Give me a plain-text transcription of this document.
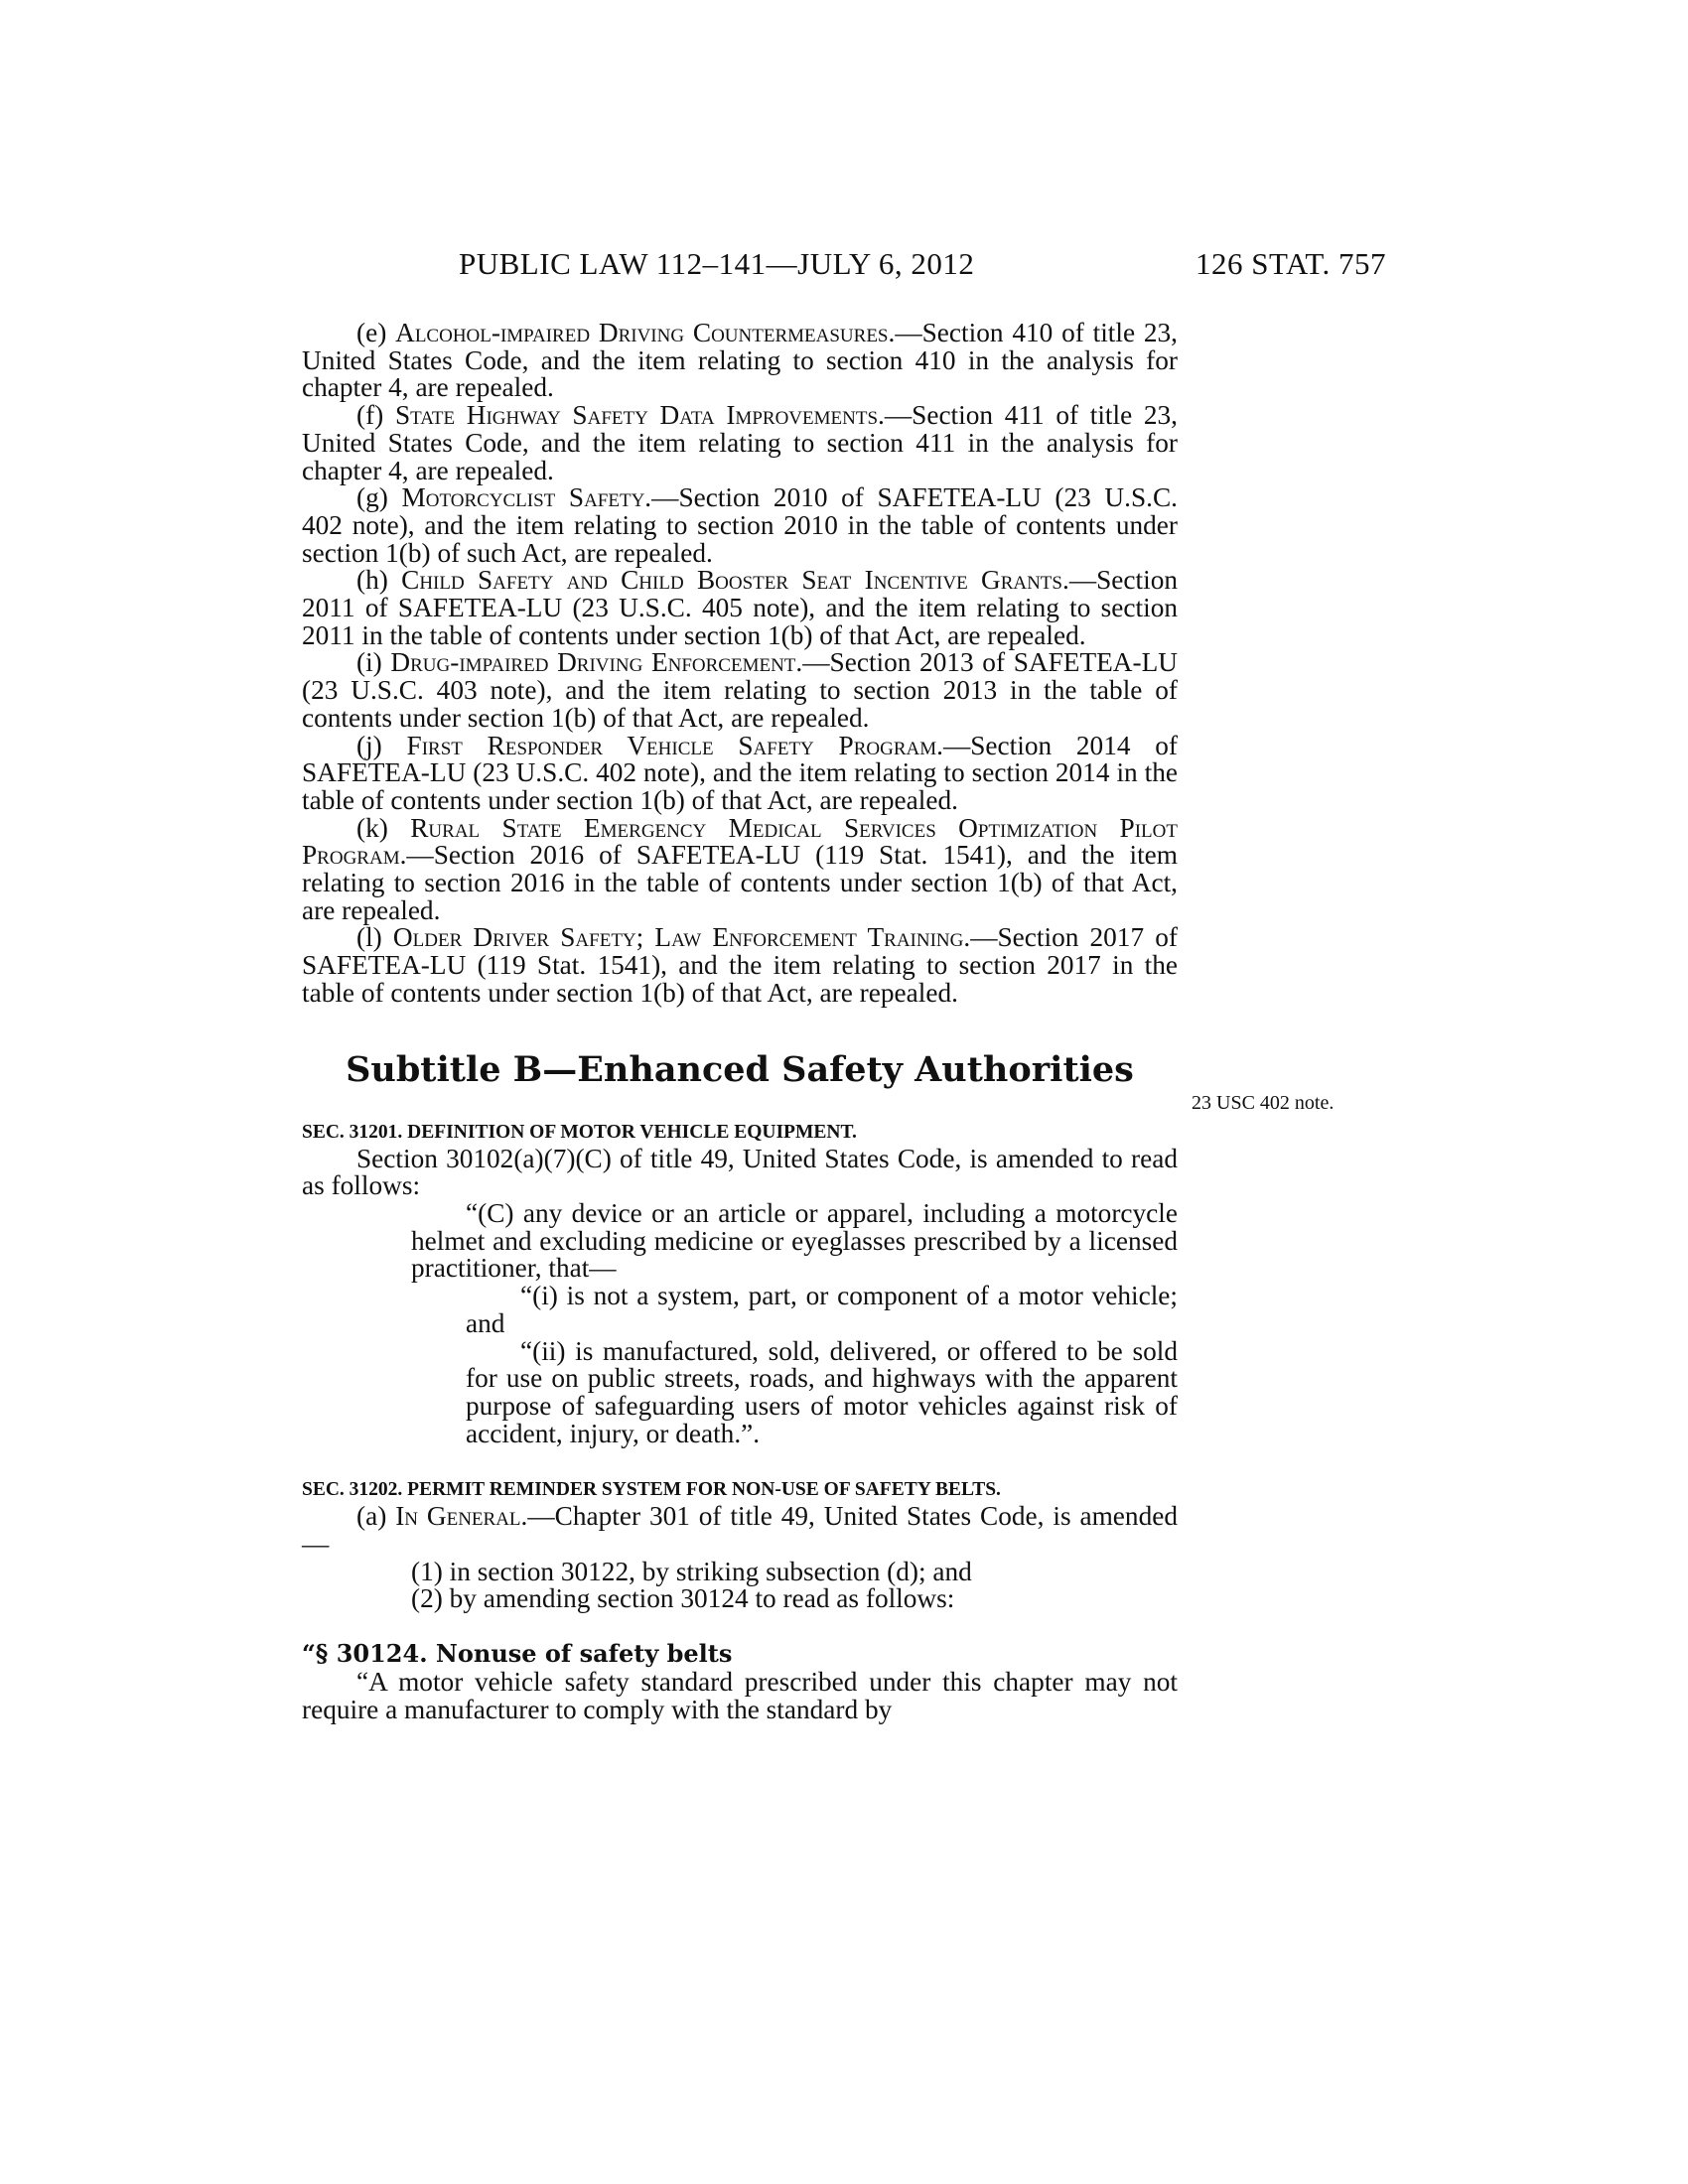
PUBLIC LAW 112–141—JULY 6, 2012	126 STAT. 757

(e) Alcohol-impaired Driving Countermeasures.—Section 410 of title 23, United States Code, and the item relating to section 410 in the analysis for chapter 4, are repealed.

(f) State Highway Safety Data Improvements.—Section 411 of title 23, United States Code, and the item relating to section 411 in the analysis for chapter 4, are repealed.

(g) Motorcyclist Safety.—Section 2010 of SAFETEA-LU (23 U.S.C. 402 note), and the item relating to section 2010 in the table of contents under section 1(b) of such Act, are repealed.

(h) Child Safety and Child Booster Seat Incentive Grants.—Section 2011 of SAFETEA-LU (23 U.S.C. 405 note), and the item relating to section 2011 in the table of contents under section 1(b) of that Act, are repealed.

(i) Drug-impaired Driving Enforcement.—Section 2013 of SAFETEA-LU (23 U.S.C. 403 note), and the item relating to section 2013 in the table of contents under section 1(b) of that Act, are repealed.

(j) First Responder Vehicle Safety Program.—Section 2014 of SAFETEA-LU (23 U.S.C. 402 note), and the item relating to section 2014 in the table of contents under section 1(b) of that Act, are repealed.

(k) Rural State Emergency Medical Services Optimization Pilot Program.—Section 2016 of SAFETEA-LU (119 Stat. 1541), and the item relating to section 2016 in the table of contents under section 1(b) of that Act, are repealed.

(l) Older Driver Safety; Law Enforcement Training.—Section 2017 of SAFETEA-LU (119 Stat. 1541), and the item relating to section 2017 in the table of contents under section 1(b) of that Act, are repealed.

Subtitle B—Enhanced Safety Authorities
SEC. 31201. DEFINITION OF MOTOR VEHICLE EQUIPMENT.

Section 30102(a)(7)(C) of title 49, United States Code, is amended to read as follows:

“(C) any device or an article or apparel, including a motorcycle helmet and excluding medicine or eyeglasses prescribed by a licensed practitioner, that—

“(i) is not a system, part, or component of a motor vehicle; and

“(ii) is manufactured, sold, delivered, or offered to be sold for use on public streets, roads, and highways with the apparent purpose of safeguarding users of motor vehicles against risk of accident, injury, or death.”.

SEC. 31202. PERMIT REMINDER SYSTEM FOR NON-USE OF SAFETY BELTS.

(a) In General.—Chapter 301 of title 49, United States Code, is amended—

(1) in section 30122, by striking subsection (d); and

(2) by amending section 30124 to read as follows:

“§ 30124. Nonuse of safety belts

“A motor vehicle safety standard prescribed under this chapter may not require a manufacturer to comply with the standard by

23 USC 402 note.
